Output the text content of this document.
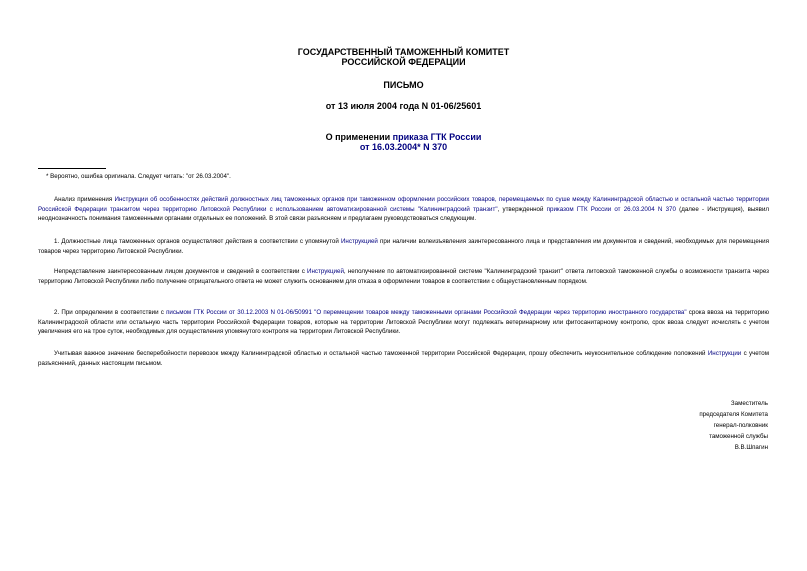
ГОСУДАРСТВЕННЫЙ ТАМОЖЕННЫЙ КОМИТЕТ
РОССИЙСКОЙ ФЕДЕРАЦИИ
ПИСЬМО
от 13 июля 2004 года N 01-06/25601
О применении приказа ГТК России
от 16.03.2004* N 370
* Вероятно, ошибка оригинала. Следует читать: "от 26.03.2004".
Анализ применения Инструкции об особенностях действий должностных лиц таможенных органов при таможенном оформлении российских товаров, перемещаемых по суше между Калининградской областью и остальной частью территории Российской Федерации транзитом через территорию Литовской Республики с использованием автоматизированной системы "Калининградский транзит", утвержденной приказом ГТК России от 26.03.2004 N 370 (далее - Инструкция), выявил неоднозначность понимания таможенными органами отдельных ее положений. В этой связи разъясняем и предлагаем руководствоваться следующим.
1. Должностные лица таможенных органов осуществляют действия в соответствии с упомянутой Инструкцией при наличии волеизъявления заинтересованного лица и представления им документов и сведений, необходимых для перемещения товаров через территорию Литовской Республики.
Непредставление заинтересованным лицом документов и сведений в соответствии с Инструкцией, неполучение по автоматизированной системе "Калининградский транзит" ответа литовской таможенной службы о возможности транзита через территорию Литовской Республики либо получение отрицательного ответа не может служить основанием для отказа в оформлении товаров в соответствии с общеустановленным порядком.
2. При определении в соответствии с письмом ГТК России от 30.12.2003 N 01-06/50991 "О перемещении товаров между таможенными органами Российской Федерации через территорию иностранного государства" срока ввоза на территорию Калининградской области или остальную часть территории Российской Федерации товаров, которые на территории Литовской Республики могут подлежать ветеринарному или фитосанитарному контролю, срок ввоза следует исчислять с учетом увеличения его на трое суток, необходимых для осуществления упомянутого контроля на территории Литовской Республики.
Учитывая важное значение бесперебойности перевозок между Калининградской областью и остальной частью таможенной территории Российской Федерации, прошу обеспечить неукоснительное соблюдение положений Инструкции с учетом разъяснений, данных настоящим письмом.
Заместитель
председателя Комитета
генерал-полковник
таможенной службы
В.В.Шпагин
